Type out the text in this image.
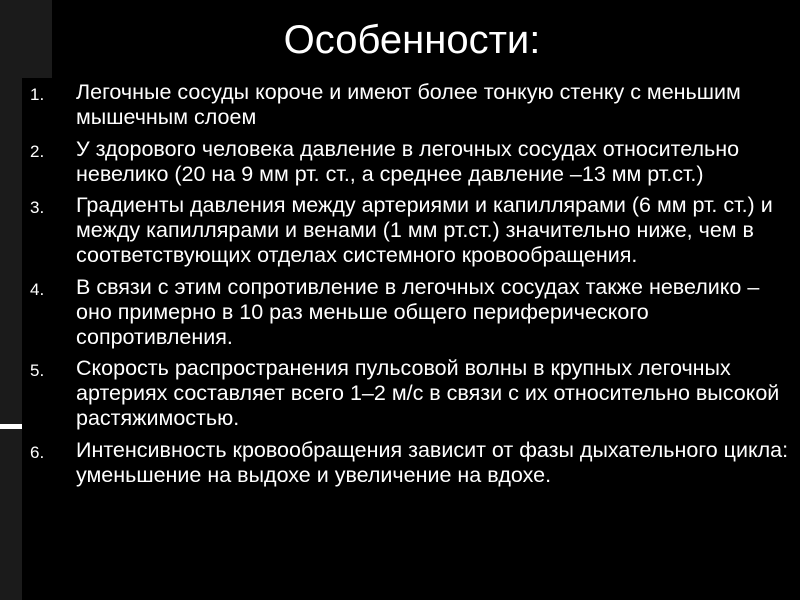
Особенности:
1. Легочные сосуды короче и имеют более тонкую стенку с меньшим мышечным слоем
2. У здорового человека давление в легочных сосудах относительно невелико (20 на 9 мм рт. ст., а среднее давление –13 мм рт.ст.)
3. Градиенты давления между артериями и капиллярами (6 мм рт. ст.) и между капиллярами и венами (1 мм рт.ст.) значительно ниже, чем в соответствующих отделах системного кровообращения.
4. В связи с этим сопротивление в легочных сосудах также невелико – оно примерно в 10 раз меньше общего периферического сопротивления.
5. Скорость распространения пульсовой волны в крупных легочных артериях составляет всего 1–2 м/с в связи с их относительно высокой растяжимостью.
6. Интенсивность кровообращения зависит от фазы дыхательного цикла: уменьшение на выдохе и увеличение на вдохе.
